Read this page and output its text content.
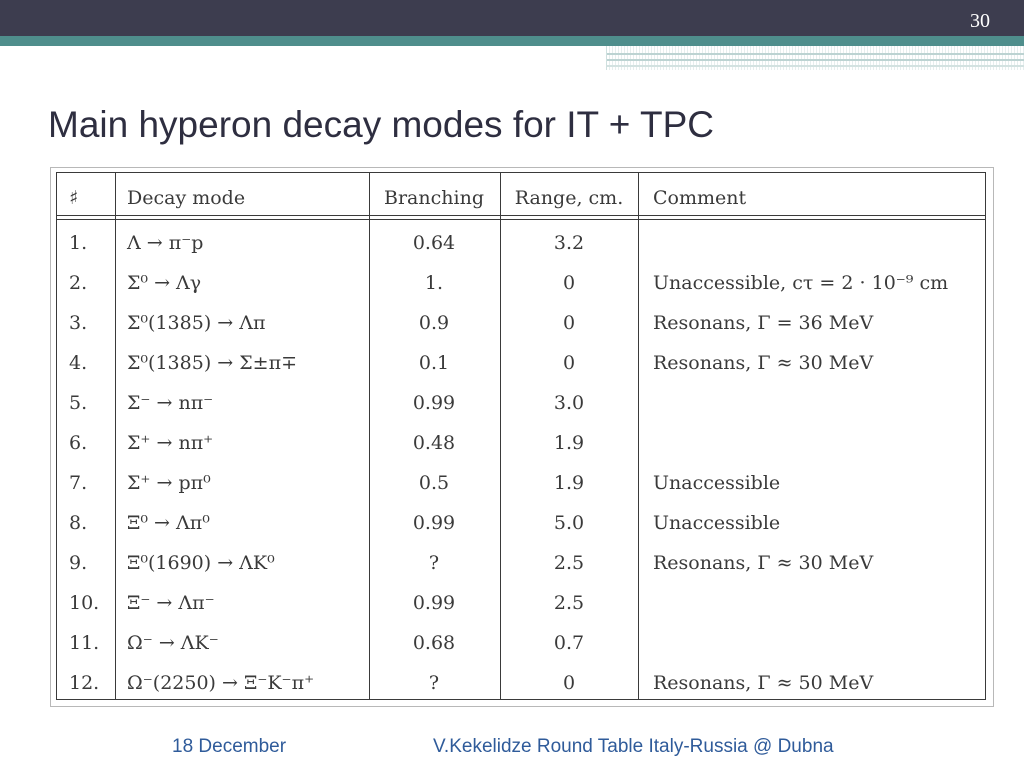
30
Main hyperon decay modes for IT + TPC
♯	Decay mode	Branching	Range, cm.	Comment
1. Λ → π⁻p	0.64	3.2
2. Σ⁰ → Λγ	1.	0	Unaccessible, cτ = 2 · 10⁻⁹ cm
3. Σ⁰(1385) → Λπ	0.9	0	Resonans, Γ = 36 MeV
4. Σ⁰(1385) → Σ±π∓	0.1	0	Resonans, Γ ≈ 30 MeV
5. Σ⁻ → nπ⁻	0.99	3.0
6. Σ⁺ → nπ⁺	0.48	1.9
7. Σ⁺ → pπ⁰	0.5	1.9	Unaccessible
8. Ξ⁰ → Λπ⁰	0.99	5.0	Unaccessible
9. Ξ⁰(1690) → ΛK⁰	?	2.5	Resonans, Γ ≈ 30 MeV
10. Ξ⁻ → Λπ⁻	0.99	2.5
11. Ω⁻ → ΛK⁻	0.68	0.7
12. Ω⁻(2250) → Ξ⁻K⁻π⁺	?	0	Resonans, Γ ≈ 50 MeV
18 December	V.Kekelidze Round Table Italy-Russia @ Dubna
